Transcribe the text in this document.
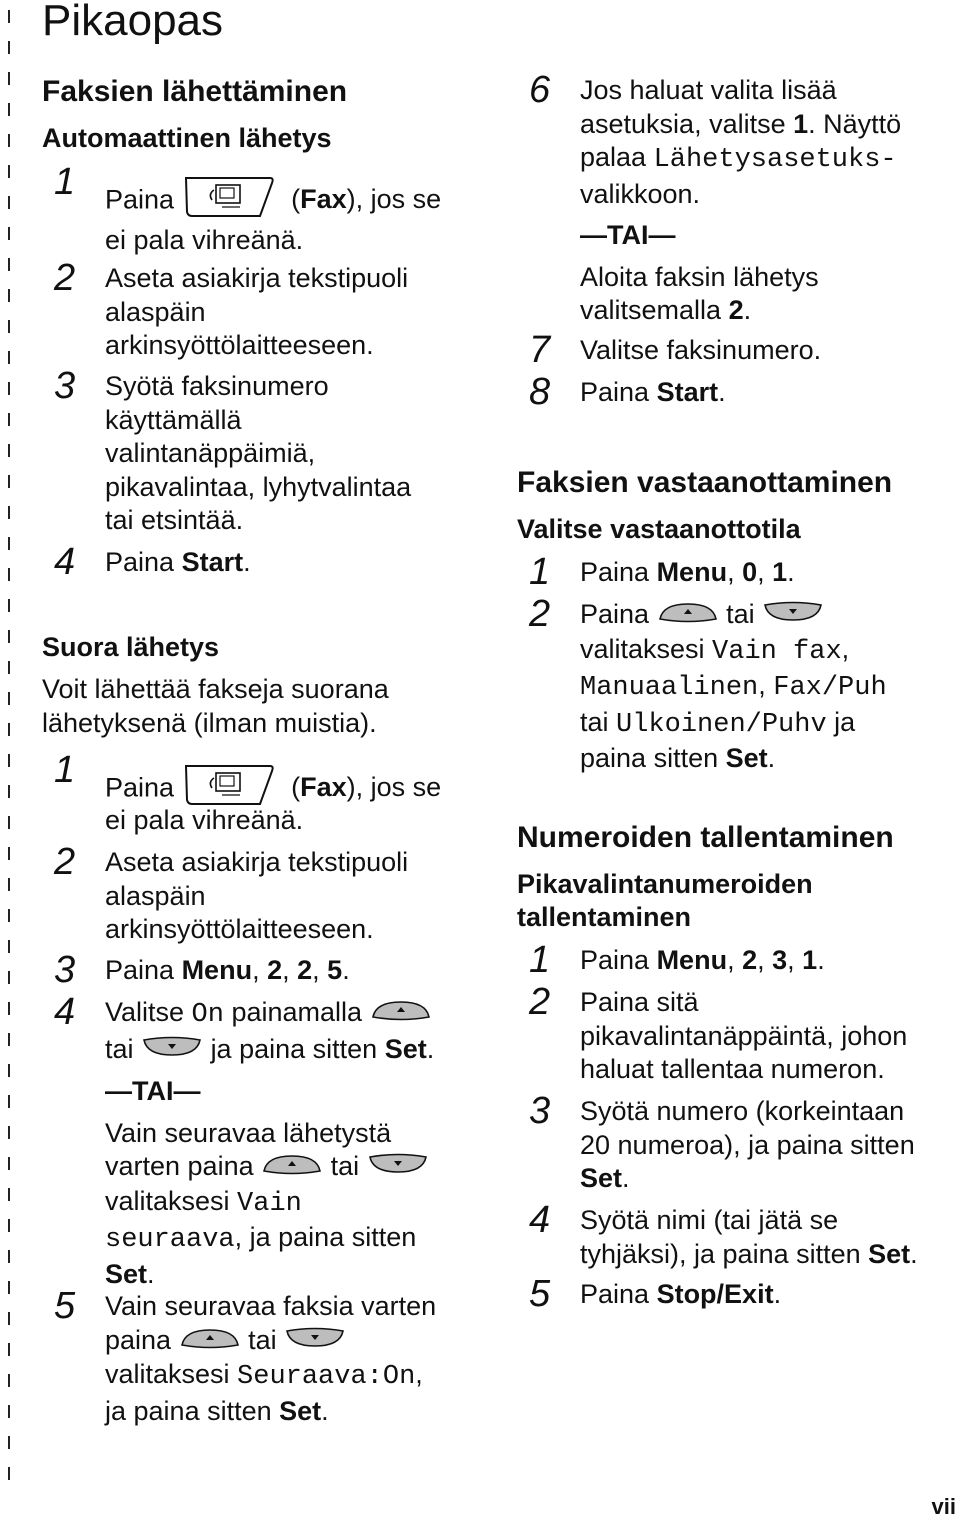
Pikaopas
Faksien lähettäminen
Automaattinen lähetys
1 Paina	(Fax), jos se
ei pala vihreänä.
2 Aseta asiakirja tekstipuoli
alaspäin
arkinsyöttölaitteeseen.
3 Syötä faksinumero
käyttämällä
valintanäppäimiä,
pikavalintaa, lyhytvalintaa
tai etsintää.
4 Paina Start.
Suora lähetys
Voit lähettää fakseja suorana
lähetyksenä (ilman muistia).
1 Paina	(Fax), jos se
ei pala vihreänä.
2 Aseta asiakirja tekstipuoli
alaspäin
arkinsyöttölaitteeseen.
3 Paina Menu, 2, 2, 5.
4 Valitse On painamalla
tai	ja paina sitten Set.
—TAI—
Vain seuravaa lähetystä
varten paina	tai
valitaksesi Vain
seuraava, ja paina sitten
Set.
5 Vain seuravaa faksia varten
paina	tai
valitaksesi Seuraava:On,
ja paina sitten Set.
6 Jos haluat valita lisää
asetuksia, valitse 1. Näyttö
palaa Lähetysasetuks-
valikkoon.
—TAI—
Aloita faksin lähetys
valitsemalla 2.
7 Valitse faksinumero.
8 Paina Start.
Faksien vastaanottaminen
Valitse vastaanottotila
1 Paina Menu, 0, 1.
2 Paina	tai
valitaksesi Vain fax,
Manuaalinen, Fax/Puh
tai Ulkoinen/Puhv ja
paina sitten Set.
Numeroiden tallentaminen
Pikavalintanumeroiden
tallentaminen
1 Paina Menu, 2, 3, 1.
2 Paina sitä
pikavalintanäppäintä, johon
haluat tallentaa numeron.
3 Syötä numero (korkeintaan
20 numeroa), ja paina sitten
Set.
4 Syötä nimi (tai jätä se
tyhjäksi), ja paina sitten Set.
5 Paina Stop/Exit.
vii
